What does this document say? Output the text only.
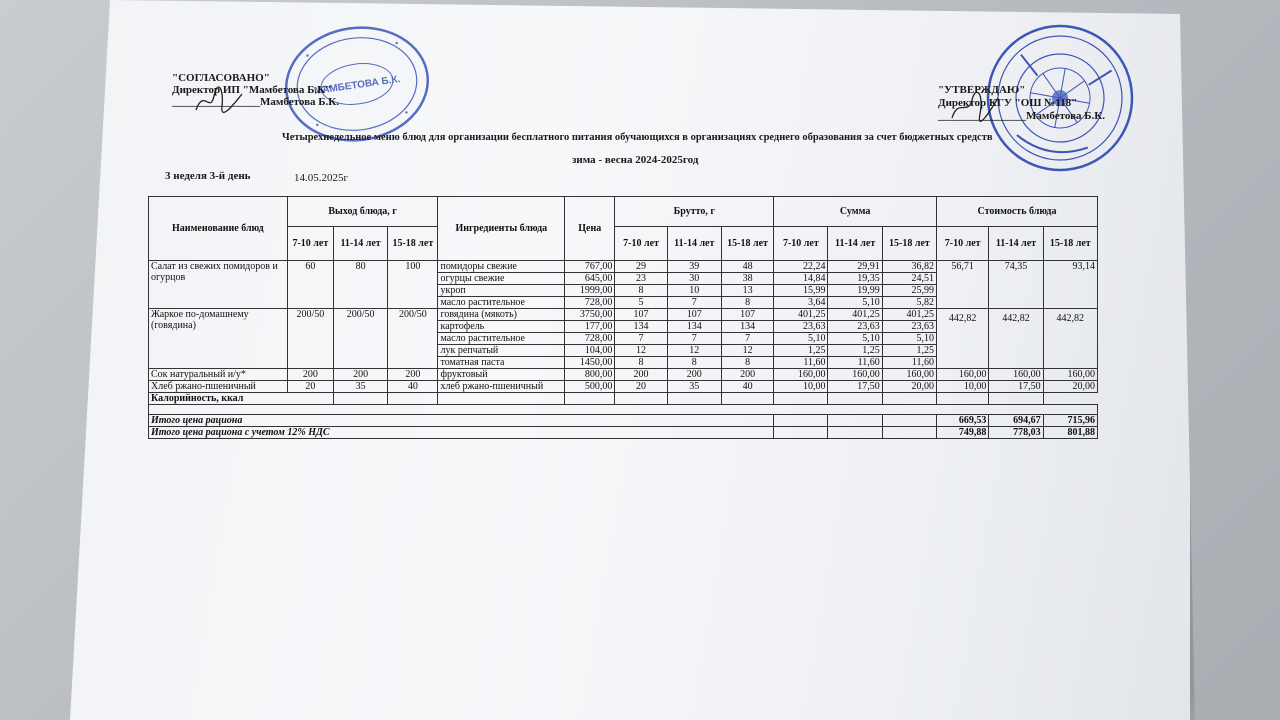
МАМБЕТОВА Б.К.
"СОГЛАСОВАНО"
Директор ИП "Мамбетова Б.К"
________________Мамбетова Б.К.
"УТВЕРЖДАЮ"
Директор КГУ "ОШ №118"
________________Мамбетова Б.К.
Четырехнедельное меню блюд для организации бесплатного питания обучающихся в организациях среднего образования за счет бюджетных средств
зима - весна 2024-2025год
3 неделя 3-й день	14.05.2025г
Наименование блюд	Выход блюда, г			Ингредиенты блюда	Цена	Брутто, г			Сумма			Стоимость блюда		
	7-10 лет	11-14 лет	15-18 лет			7-10 лет	11-14 лет	15-18 лет	7-10 лет	11-14 лет	15-18 лет	7-10 лет	11-14 лет	15-18 лет
Салат из свежих помидоров и огурцов	60	80	100	помидоры свежие	767,00	29	39	48	22,24	29,91	36,82	56,71	74,35	93,14
				огурцы свежие	645,00	23	30	38	14,84	19,35	24,51			
				укроп	1999,00	8	10	13	15,99	19,99	25,99			
				масло растительное	728,00	5	7	8	3,64	5,10	5,82			
Жаркое по-домашнему (говядина)	200/50	200/50	200/50	говядина (мякоть)	3750,00	107	107	107	401,25	401,25	401,25	442,82	442,82	442,82
				картофель	177,00	134	134	134	23,63	23,63	23,63			
				масло растительное	728,00	7	7	7	5,10	5,10	5,10			
				лук репчатый	104,00	12	12	12	1,25	1,25	1,25			
				томатная паста	1450,00	8	8	8	11,60	11,60	11,60			
Сок натуральный и/у*	200	200	200	фруктовый	800,00	200	200	200	160,00	160,00	160,00	160,00	160,00	160,00
Хлеб ржано-пшеничный	20	35	40	хлеб ржано-пшеничный	500,00	20	35	40	10,00	17,50	20,00	10,00	17,50	20,00
Калорийность, ккал														

Итого цена рациона												669,53	694,67	715,96
Итого цена рациона с учетом 12% НДС												749,88	778,03	801,88
